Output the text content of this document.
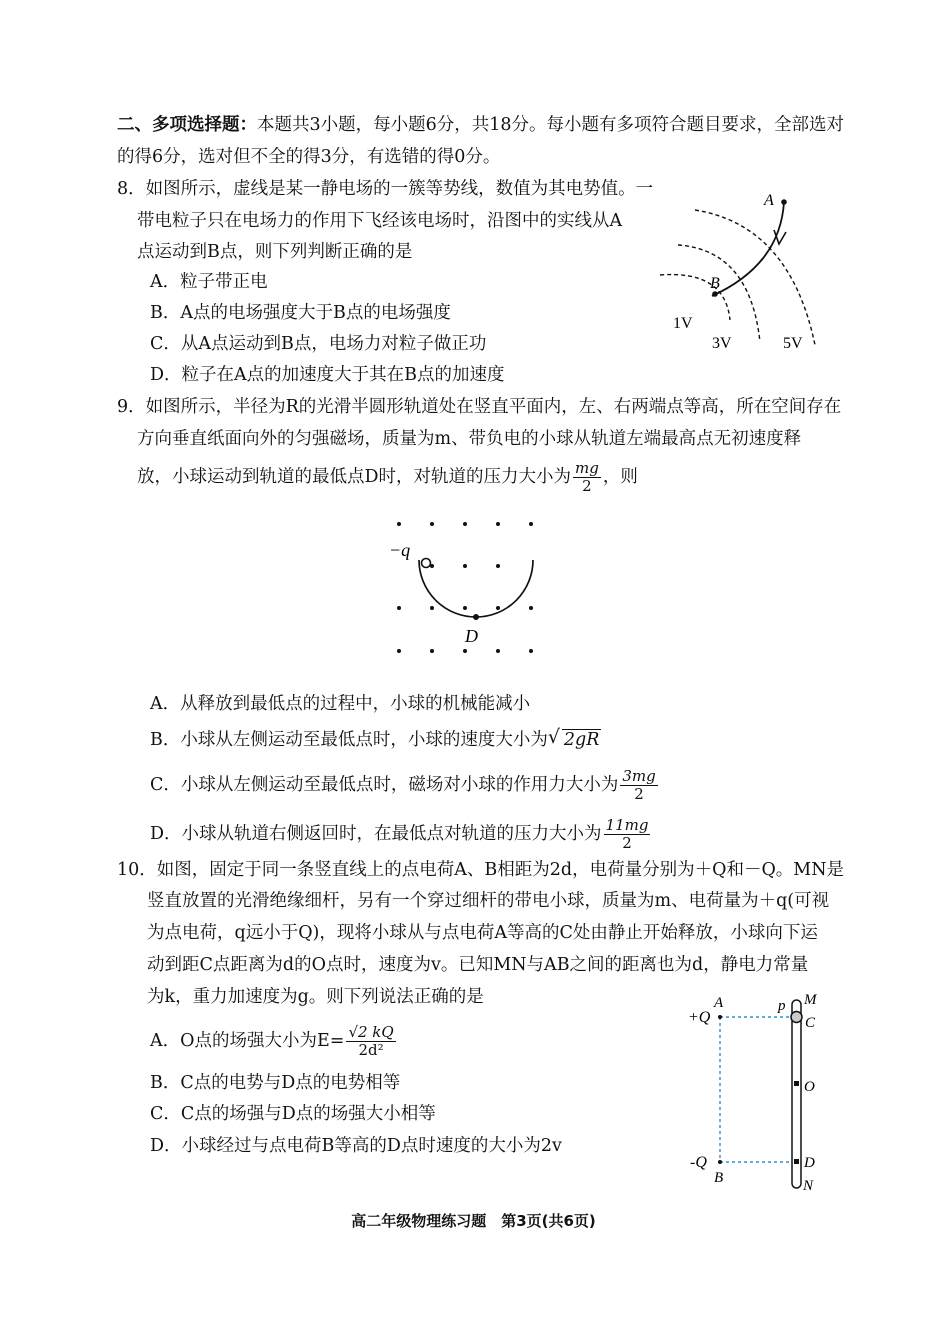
二、多项选择题：本题共3小题，每小题6分，共18分。每小题有多项符合题目要求，全部选对
的得6分，选对但不全的得3分，有选错的得0分。
8．如图所示，虚线是某一静电场的一簇等势线，数值为其电势值。一
带电粒子只在电场力的作用下飞经该电场时，沿图中的实线从A
点运动到B点，则下列判断正确的是
A．粒子带正电
B．A点的电场强度大于B点的电场强度
C．从A点运动到B点，电场力对粒子做正功
D．粒子在A点的加速度大于其在B点的加速度
A
B
1V
3V	5V
9．如图所示，半径为R的光滑半圆形轨道处在竖直平面内，左、右两端点等高，所在空间存在
方向垂直纸面向外的匀强磁场，质量为m、带负电的小球从轨道左端最高点无初速度释
放，小球运动到轨道的最低点D时，对轨道的压力大小为 $\frac{mg}{2}$ ，则
−q
D
A．从释放到最低点的过程中，小球的机械能减小
B．小球从左侧运动至最低点时，小球的速度大小为√ 2gR
C．小球从左侧运动至最低点时，磁场对小球的作用力大小为 $\frac{3mg}{2}$
D．小球从轨道右侧返回时，在最低点对轨道的压力大小为 $\frac{11mg}{2}$
10．如图，固定于同一条竖直线上的点电荷A、B相距为2d，电荷量分别为＋Q和－Q。MN是
竖直放置的光滑绝缘细杆，另有一个穿过细杆的带电小球，质量为m、电荷量为＋q(可视
为点电荷，q远小于Q)，现将小球从与点电荷A等高的C处由静止开始释放，小球向下运
动到距C点距离为d的O点时，速度为v。已知MN与AB之间的距离也为d，静电力常量
为k，重力加速度为g。则下列说法正确的是
A．O点的场强大小为$E= \frac{√2 kQ}{\text{2d²}}$
B．C点的电势与D点的电势相等
C．C点的场强与D点的场强大小相等
D．小球经过与点电荷B等高的D点时速度的大小为2v
+Q
A
-Q
B
p M
C
O
D
N
高二年级物理练习题　第3页(共6页)
